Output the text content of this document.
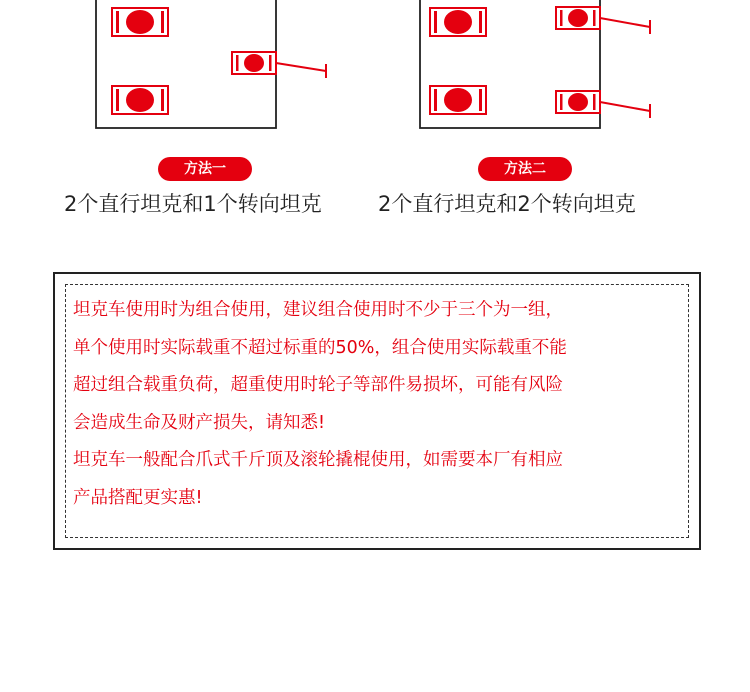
方法一	方法二
2个直行坦克和1个转向坦克	2个直行坦克和2个转向坦克

坦克车使用时为组合使用，建议组合使用时不少于三个为一组，

单个使用时实际载重不超过标重的50%，组合使用实际载重不能

超过组合载重负荷，超重使用时轮子等部件易损坏，可能有风险

会造成生命及财产损失，请知悉!

坦克车一般配合爪式千斤顶及滚轮撬棍使用，如需要本厂有相应

产品搭配更实惠!
